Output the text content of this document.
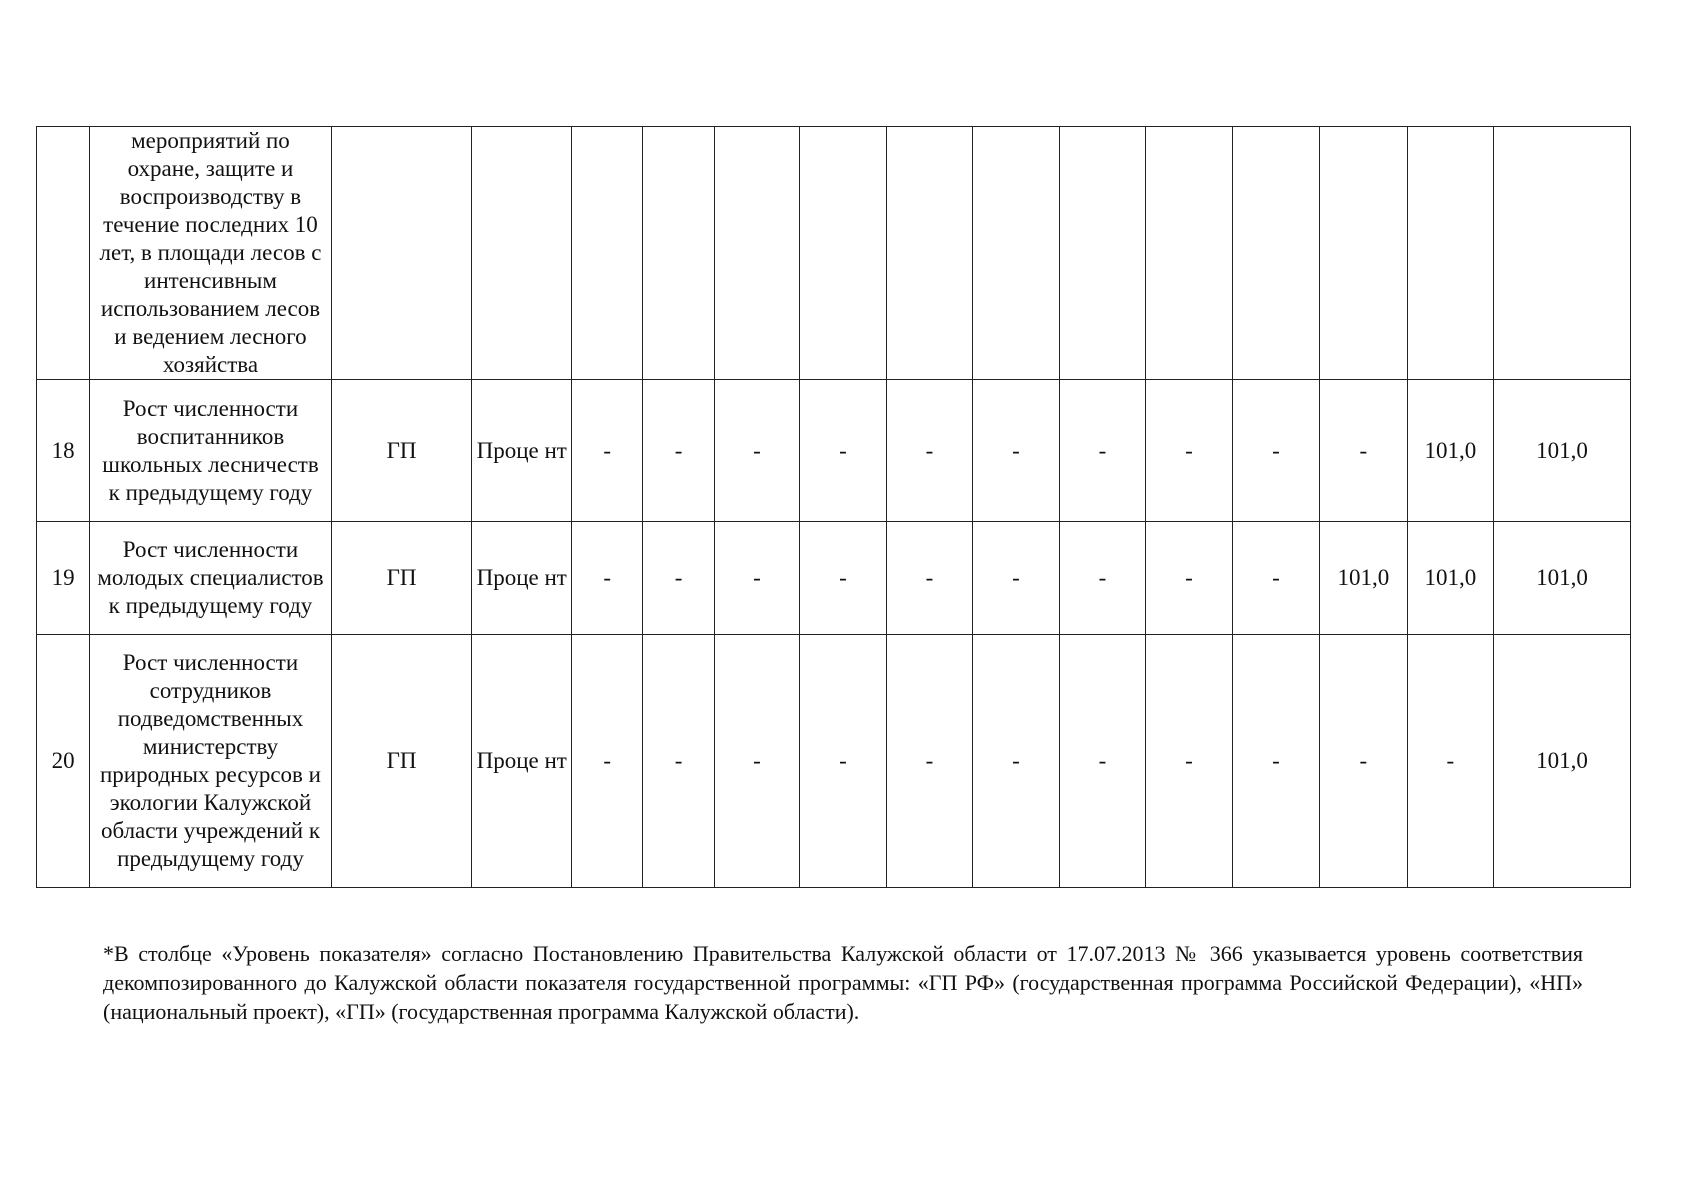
	мероприятий по охране, защите и воспроизводству в течение последних 10 лет, в площади лесов с интенсивным использованием лесов и ведением лесного хозяйства														

18	Рост численности воспитанников школьных лесничеств к предыдущему году	ГП	Проце нт	-	-	-	-	-	-	-	-	-	-	101,0	101,0
19	Рост численности молодых специалистов к предыдущему году	ГП	Проце нт	-	-	-	-	-	-	-	-	-	101,0	101,0	101,0
20	Рост численности сотрудников подведомственных министерству природных ресурсов и экологии Калужской области учреждений к предыдущему году	ГП	Проце нт	-	-	-	-	-	-	-	-	-	-	-	101,0

*В столбце «Уровень показателя» согласно Постановлению Правительства Калужской области от 17.07.2013 № 366 указывается уровень соответствия декомпозированного до Калужской области показателя государственной программы: «ГП РФ» (государственная программа Российской Федерации), «НП» (национальный проект), «ГП» (государственная программа Калужской области).
